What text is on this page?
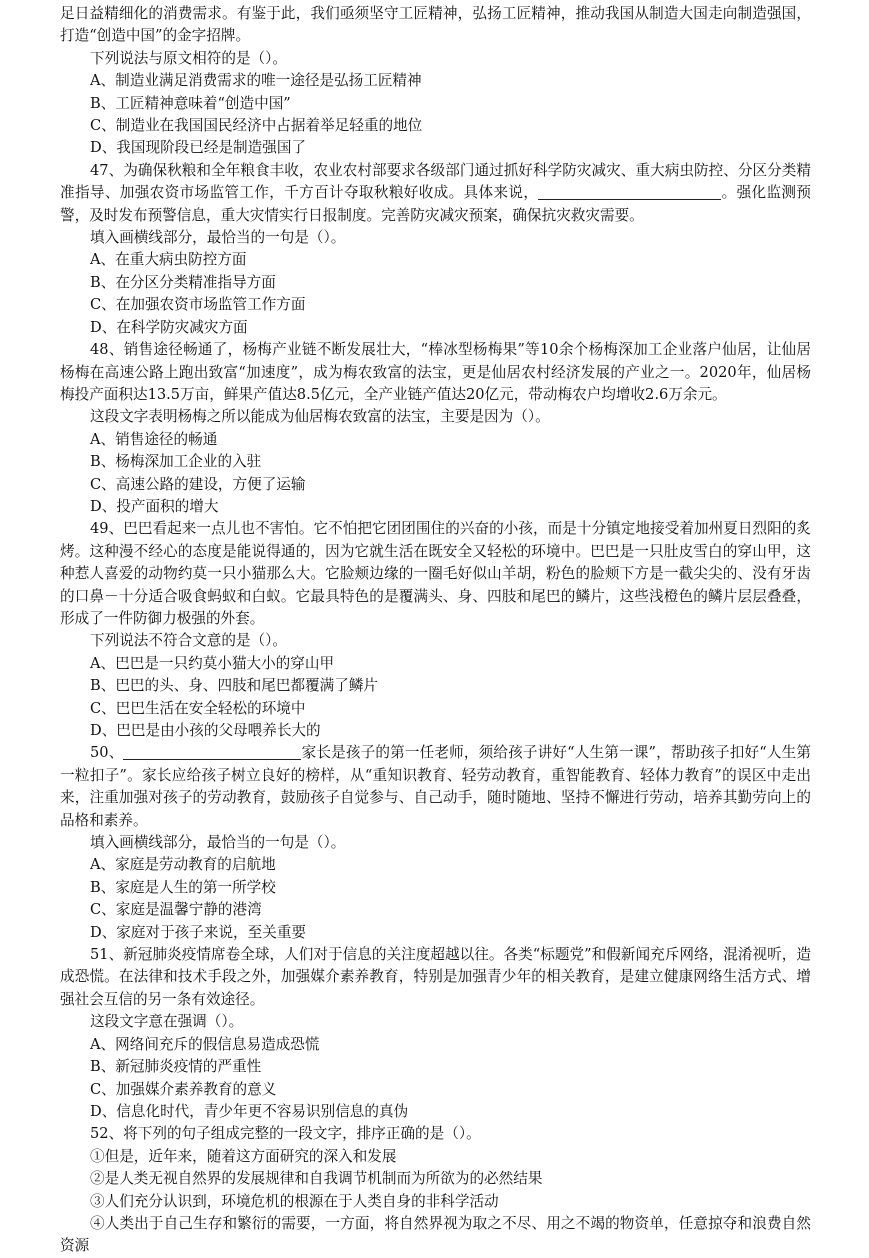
足日益精细化的消费需求。有鉴于此，我们亟须坚守工匠精神，弘扬工匠精神，推动我国从制造大国走向制造强国，打造“创造中国”的金字招牌。

下列说法与原文相符的是（）。

A、制造业满足消费需求的唯一途径是弘扬工匠精神

B、工匠精神意味着“创造中国”

C、制造业在我国国民经济中占据着举足轻重的地位

D、我国现阶段已经是制造强国了

47、为确保秋粮和全年粮食丰收，农业农村部要求各级部门通过抓好科学防灾减灾、重大病虫防控、分区分类精准指导、加强农资市场监管工作，千方百计夺取秋粮好收成。具体来说，	。强化监测预警，及时发布预警信息，重大灾情实行日报制度。完善防灾减灾预案，确保抗灾救灾需要。

填入画横线部分，最恰当的一句是（）。

A、在重大病虫防控方面

B、在分区分类精准指导方面

C、在加强农资市场监管工作方面

D、在科学防灾减灾方面

48、销售途径畅通了，杨梅产业链不断发展壮大，“棒冰型杨梅果”等10余个杨梅深加工企业落户仙居，让仙居杨梅在高速公路上跑出致富“加速度”，成为梅农致富的法宝，更是仙居农村经济发展的产业之一。2020年，仙居杨梅投产面积达13.5万亩，鲜果产值达8.5亿元，全产业链产值达20亿元，带动梅农户均增收2.6万余元。

这段文字表明杨梅之所以能成为仙居梅农致富的法宝，主要是因为（）。

A、销售途径的畅通

B、杨梅深加工企业的入驻

C、高速公路的建设，方便了运输

D、投产面积的增大

49、巴巴看起来一点儿也不害怕。它不怕把它团团围住的兴奋的小孩，而是十分镇定地接受着加州夏日烈阳的炙烤。这种漫不经心的态度是能说得通的，因为它就生活在既安全又轻松的环境中。巴巴是一只肚皮雪白的穿山甲，这种惹人喜爱的动物约莫一只小猫那么大。它脸颊边缘的一圈毛好似山羊胡，粉色的脸颊下方是一截尖尖的、没有牙齿的口鼻－十分适合吸食蚂蚁和白蚁。它最具特色的是覆满头、身、四肢和尾巴的鳞片，这些浅橙色的鳞片层层叠叠，形成了一件防御力极强的外套。

下列说法不符合文意的是（）。

A、巴巴是一只约莫小猫大小的穿山甲

B、巴巴的头、身、四肢和尾巴都覆满了鳞片

C、巴巴生活在安全轻松的环境中

D、巴巴是由小孩的父母喂养长大的

50、	家长是孩子的第一任老师，须给孩子讲好“人生第一课”，帮助孩子扣好“人生第一粒扣子”。家长应给孩子树立良好的榜样，从“重知识教育、轻劳动教育，重智能教育、轻体力教育”的误区中走出来，注重加强对孩子的劳动教育，鼓励孩子自觉参与、自己动手，随时随地、坚持不懈进行劳动，培养其勤劳向上的品格和素养。

填入画横线部分，最恰当的一句是（）。

A、家庭是劳动教育的启航地

B、家庭是人生的第一所学校

C、家庭是温馨宁静的港湾

D、家庭对于孩子来说，至关重要

51、新冠肺炎疫情席卷全球，人们对于信息的关注度超越以往。各类“标题党”和假新闻充斥网络，混淆视听，造成恐慌。在法律和技术手段之外，加强媒介素养教育，特别是加强青少年的相关教育，是建立健康网络生活方式、增强社会互信的另一条有效途径。

这段文字意在强调（）。

A、网络间充斥的假信息易造成恐慌

B、新冠肺炎疫情的严重性

C、加强媒介素养教育的意义

D、信息化时代，青少年更不容易识别信息的真伪

52、将下列的句子组成完整的一段文字，排序正确的是（）。

①但是，近年来，随着这方面研究的深入和发展

②是人类无视自然界的发展规律和自我调节机制而为所欲为的必然结果

③人们充分认识到，环境危机的根源在于人类自身的非科学活动

④人类出于自己生存和繁衍的需要，一方面，将自然界视为取之不尽、用之不竭的物资单，任意掠夺和浪费自然资源
